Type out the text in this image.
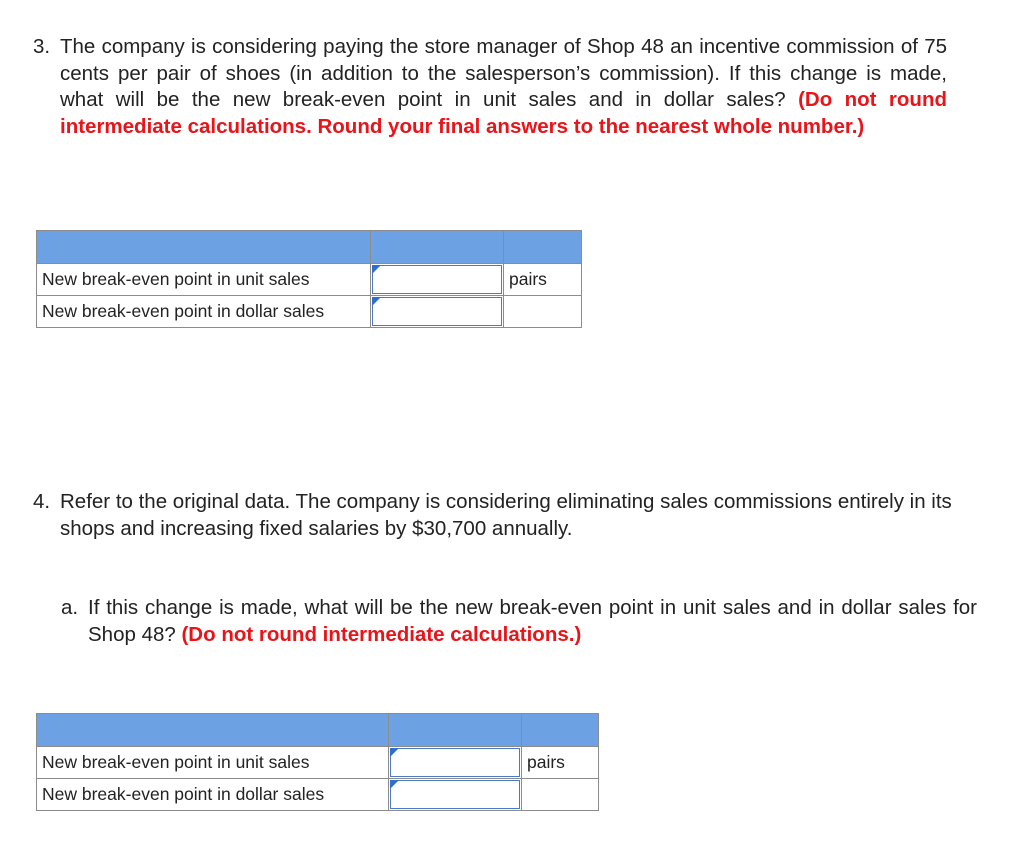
3. The company is considering paying the store manager of Shop 48 an incentive commission of 75 cents per pair of shoes (in addition to the salesperson’s commission). If this change is made, what will be the new break-even point in unit sales and in dollar sales? (Do not round intermediate calculations. Round your final answers to the nearest whole number.)

New break-even point in unit sales		pairs
New break-even point in dollar sales	

4. Refer to the original data. The company is considering eliminating sales commissions entirely in its shops and increasing fixed salaries by $30,700 annually.
a. If this change is made, what will be the new break-even point in unit sales and in dollar sales for Shop 48? (Do not round intermediate calculations.)

New break-even point in unit sales		pairs
New break-even point in dollar sales	
